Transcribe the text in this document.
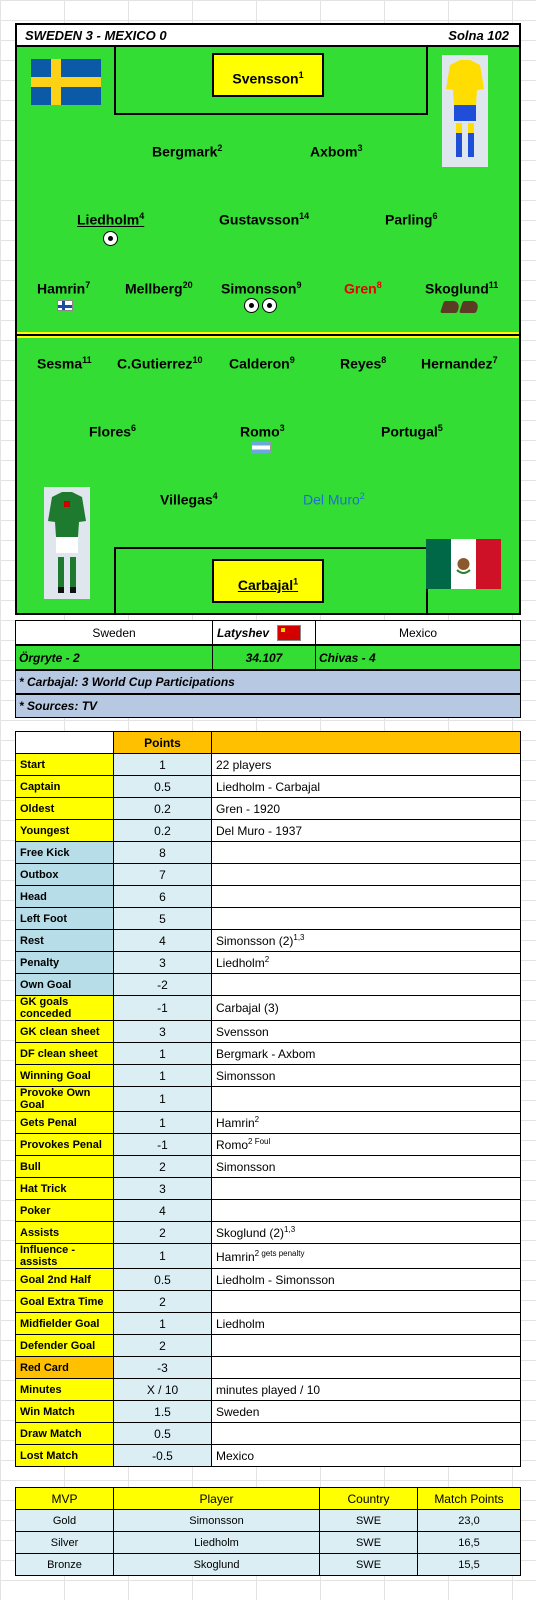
SWEDEN 3 - MEXICO 0	Solna 102
Svensson$^1$
Bergmark$^2$	Axbom$^3$
Liedholm$^4$	Gustavsson$^{14}$	Parling$^6$
Hamrin$^7$ Mellberg$^{20}$ Simonsson$^9$
	Gren$^8$	Skoglund$^{11}$
Sesma$^{11}$ C.Gutierrez$^{10}$ Calderon$^9$	Reyes$^8$ Hernandez$^7$
Flores$^6$	Romo$^3$	Portugal$^5$
Villegas$^4$	Del Muro$^2$
Carbajal$^1$
Sweden	Latyshev	Mexico
Örgryte - 2	34.107	Chivas - 4
* Carbajal: 3 World Cup Participations
* Sources: TV
	Points	
Start	1	22 players
Captain	0.5	Liedholm - Carbajal
Oldest	0.2	Gren - 1920
Youngest	0.2	Del Muro - 1937
Free Kick	8	
Outbox	7	
Head	6	
Left Foot	5	
Rest	4	Simonsson $(2)^{1,3}$
Penalty	3	Liedholm$^2$
Own Goal	-2	
GK goals conceded	-1	Carbajal (3)
GK clean sheet	3	Svensson
DF clean sheet	1	Bergmark - Axbom
Winning Goal	1	Simonsson
Provoke Own Goal	1	
Gets Penal	1	Hamrin$^2$
Provokes Penal	-1	Romo$^{2 Foul}$
Bull	2	Simonsson
Hat Trick	3	
Poker	4	
Assists	2	Skoglund $(2)^{1,3}$
Influence - assists	1	Hamrin$^{2 gets penalty}$
Goal 2nd Half	0.5	Liedholm - Simonsson
Goal Extra Time	2	
Midfielder Goal	1	Liedholm
Defender Goal	2	
Red Card	-3	
Minutes	X / 10	minutes played / 10
Win Match	1.5	Sweden
Draw Match	0.5	
Lost Match	-0.5	Mexico
MVP	Player	Country	Match Points
Gold	Simonsson	SWE	23,0
Silver	Liedholm	SWE	16,5
Bronze	Skoglund	SWE	15,5
